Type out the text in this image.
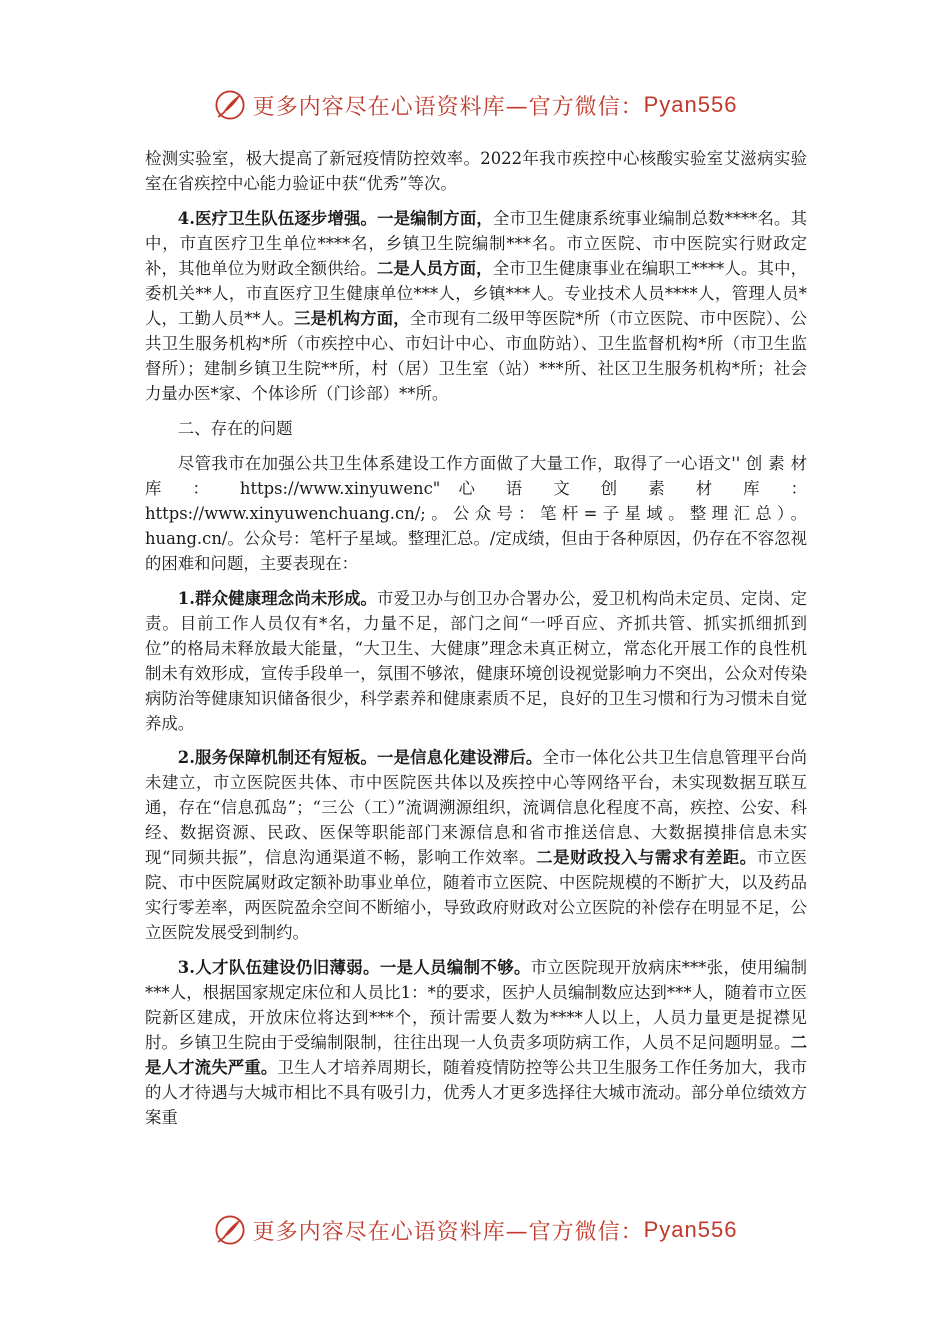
更多内容尽在心语资料库—官方微信： Pyan556

检测实验室，极大提高了新冠疫情防控效率。2022年我市疾控中心核酸实验室艾滋病实验室在省疾控中心能力验证中获“优秀”等次。

4.医疗卫生队伍逐步增强。一是编制方面，全市卫生健康系统事业编制总数****名。其中，市直医疗卫生单位****名，乡镇卫生院编制***名。市立医院、市中医院实行财政定补，其他单位为财政全额供给。二是人员方面，全市卫生健康事业在编职工****人。其中，委机关**人，市直医疗卫生健康单位***人，乡镇***人。专业技术人员****人，管理人员*人，工勤人员**人。三是机构方面，全市现有二级甲等医院*所（市立医院、市中医院）、公共卫生服务机构*所（市疾控中心、市妇计中心、市血防站）、卫生监督机构*所（市卫生监督所）；建制乡镇卫生院**所，村（居）卫生室（站）***所、社区卫生服务机构*所；社会力量办医*家、个体诊所（门诊部）**所。

二、存在的问题

尽管我市在加强公共卫生体系建设工作方面做了大量工作，取得了一心语文'' 创 素 材 库 ： https://www.xinyuwenc" 心 语 文 创 素 材 库 ： https://www.xinyuwenchuang.cn/;。公众号：笔杆=子星域。整理汇总）。huang.cn/。公众号：笔杆子星域。整理汇总。/定成绩，但由于各种原因，仍存在不容忽视的困难和问题，主要表现在：

1.群众健康理念尚未形成。市爱卫办与创卫办合署办公，爱卫机构尚未定员、定岗、定责。目前工作人员仅有*名，力量不足，部门之间“一呼百应、齐抓共管、抓实抓细抓到位”的格局未释放最大能量，“大卫生、大健康”理念未真正树立，常态化开展工作的良性机制未有效形成，宣传手段单一，氛围不够浓，健康环境创设视觉影响力不突出，公众对传染病防治等健康知识储备很少，科学素养和健康素质不足，良好的卫生习惯和行为习惯未自觉养成。

2.服务保障机制还有短板。一是信息化建设滞后。全市一体化公共卫生信息管理平台尚未建立，市立医院医共体、市中医院医共体以及疾控中心等网络平台，未实现数据互联互通，存在“信息孤岛”；“三公（工）”流调溯源组织，流调信息化程度不高，疾控、公安、科经、数据资源、民政、医保等职能部门来源信息和省市推送信息、大数据摸排信息未实现“同频共振”，信息沟通渠道不畅，影响工作效率。二是财政投入与需求有差距。市立医院、市中医院属财政定额补助事业单位，随着市立医院、中医院规模的不断扩大，以及药品实行零差率，两医院盈余空间不断缩小，导致政府财政对公立医院的补偿存在明显不足，公立医院发展受到制约。

3.人才队伍建设仍旧薄弱。一是人员编制不够。市立医院现开放病床***张，使用编制***人，根据国家规定床位和人员比1：*的要求，医护人员编制数应达到***人，随着市立医院新区建成，开放床位将达到***个，预计需要人数为****人以上，人员力量更是捉襟见肘。乡镇卫生院由于受编制限制，往往出现一人负责多项防病工作，人员不足问题明显。二是人才流失严重。卫生人才培养周期长，随着疫情防控等公共卫生服务工作任务加大，我市的人才待遇与大城市相比不具有吸引力，优秀人才更多选择往大城市流动。部分单位绩效方案重

更多内容尽在心语资料库—官方微信： Pyan556
